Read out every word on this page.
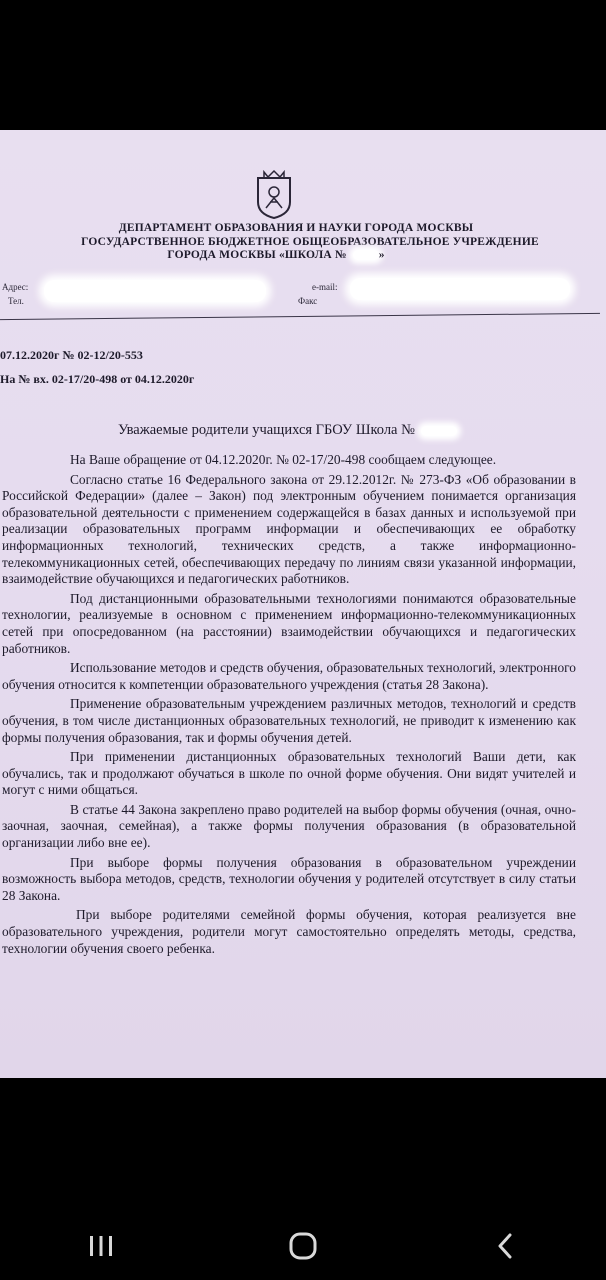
ДЕПАРТАМЕНТ ОБРАЗОВАНИЯ И НАУКИ ГОРОДА МОСКВЫ
ГОСУДАРСТВЕННОЕ БЮДЖЕТНОЕ ОБЩЕОБРАЗОВАТЕЛЬНОЕ УЧРЕЖДЕНИЕ
ГОРОДА МОСКВЫ «ШКОЛА №	»
Адрес:
Тел.
e-mail:
Факс
07.12.2020г № 02-12/20-553
На № вх. 02-17/20-498 от 04.12.2020г
Уважаемые родители учащихся ГБОУ Школа №

На Ваше обращение от 04.12.2020г. № 02-17/20-498 сообщаем следующее.

Согласно статье 16 Федерального закона от 29.12.2012г. № 273-ФЗ «Об образовании в Российской Федерации» (далее – Закон) под электронным обучением понимается организация образовательной деятельности с применением содержащейся в базах данных и используемой при реализации образовательных программ информации и обеспечивающих ее обработку информационных технологий, технических средств, а также информационно-телекоммуникационных сетей, обеспечивающих передачу по линиям связи указанной информации, взаимодействие обучающихся и педагогических работников.

Под дистанционными образовательными технологиями понимаются образовательные технологии, реализуемые в основном с применением информационно-телекоммуникационных сетей при опосредованном (на расстоянии) взаимодействии обучающихся и педагогических работников.

Использование методов и средств обучения, образовательных технологий, электронного обучения относится к компетенции образовательного учреждения (статья 28 Закона).

Применение образовательным учреждением различных методов, технологий и средств обучения, в том числе дистанционных образовательных технологий, не приводит к изменению как формы получения образования, так и формы обучения детей.

При применении дистанционных образовательных технологий Ваши дети, как обучались, так и продолжают обучаться в школе по очной форме обучения. Они видят учителей и могут с ними общаться.

В статье 44 Закона закреплено право родителей на выбор формы обучения (очная, очно-заочная, заочная, семейная), а также формы получения образования (в образовательной организации либо вне ее).

При выборе формы получения образования в образовательном учреждении возможность выбора методов, средств, технологии обучения у родителей отсутствует в силу статьи 28 Закона.

При выборе родителями семейной формы обучения, которая реализуется вне образовательного учреждения, родители могут самостоятельно определять методы, средства, технологии обучения своего ребенка.
